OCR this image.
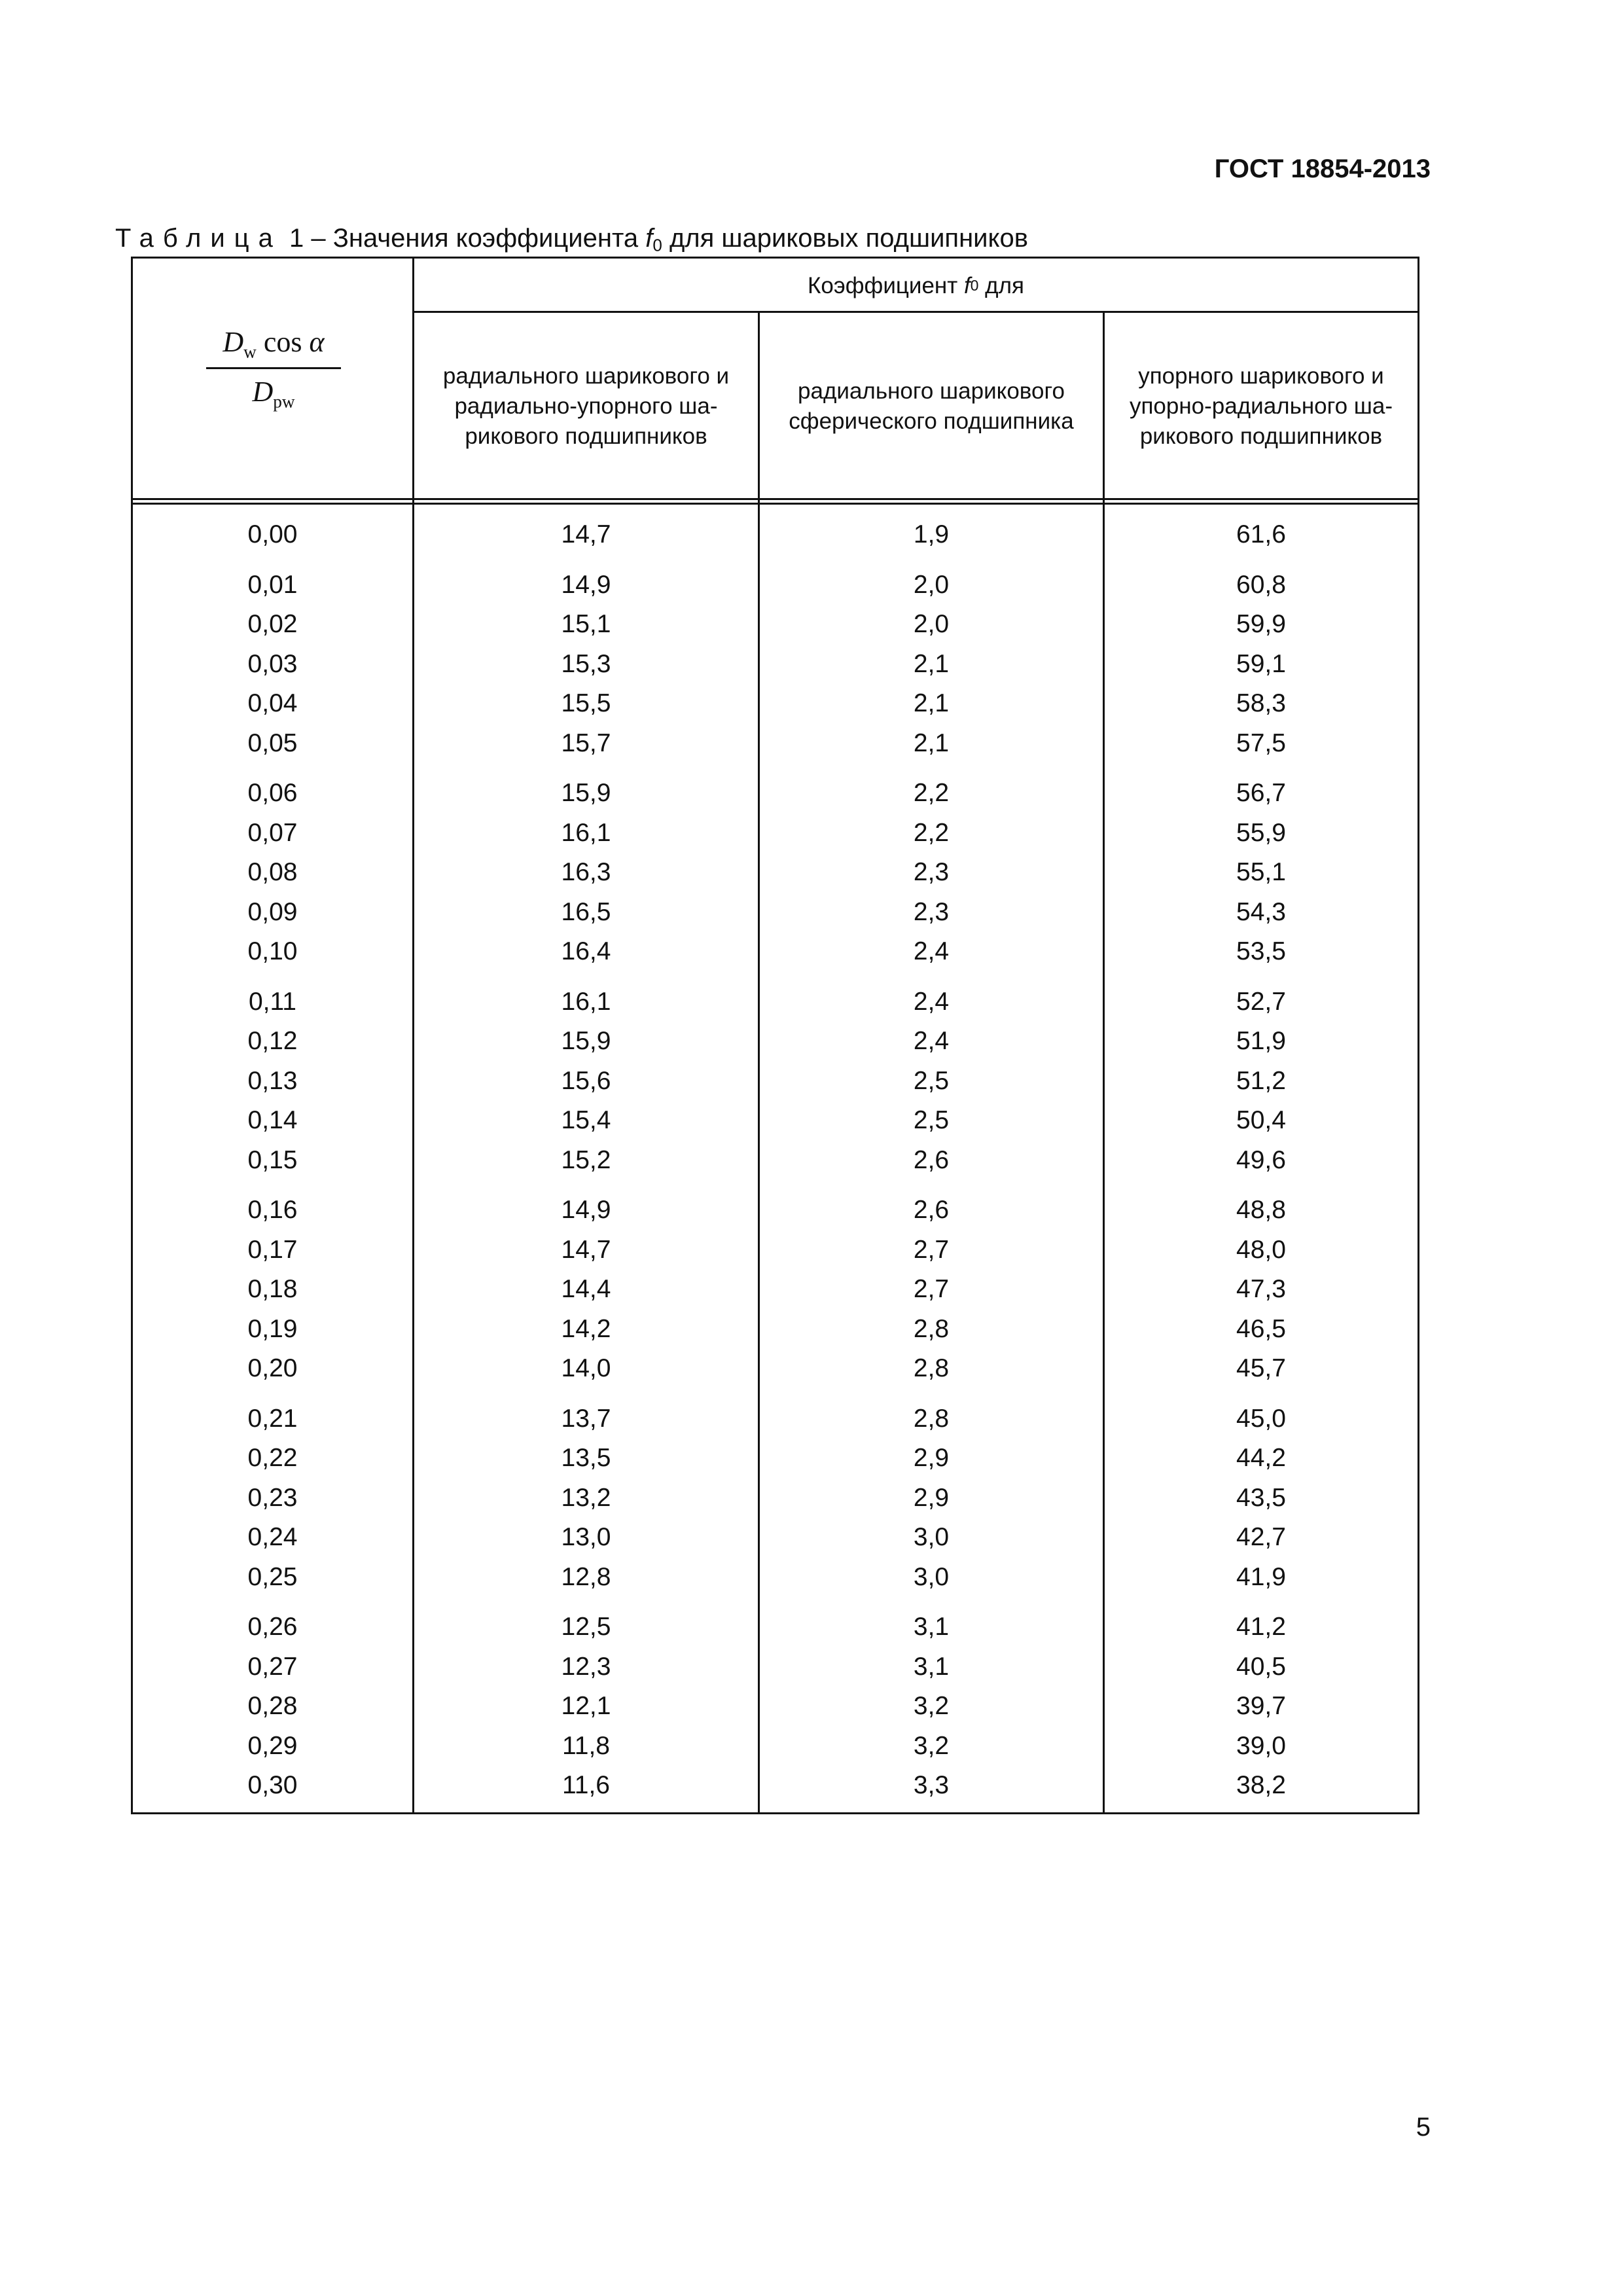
ГОСТ 18854-2013
Таблица 1 – Значения коэффициента $f_0$ для шариковых подшипников
$D_w$ cos α
$D_{pw}$
Коэффициент
f 0
для
радиального шарикового и
радиально-упорного ша-
рикового подшипников
радиального шарикового
сферического подшипника
упорного шарикового и
упорно-радиального ша-
рикового подшипников
0,00	14,7	1,9	61,6
0,01	14,9	2,0	60,8
0,02	15,1	2,0	59,9
0,03	15,3	2,1	59,1
0,04	15,5	2,1	58,3
0,05	15,7	2,1	57,5
0,06	15,9	2,2	56,7
0,07	16,1	2,2	55,9
0,08	16,3	2,3	55,1
0,09	16,5	2,3	54,3
0,10	16,4	2,4	53,5
0,11	16,1	2,4	52,7
0,12	15,9	2,4	51,9
0,13	15,6	2,5	51,2
0,14	15,4	2,5	50,4
0,15	15,2	2,6	49,6
0,16	14,9	2,6	48,8
0,17	14,7	2,7	48,0
0,18	14,4	2,7	47,3
0,19	14,2	2,8	46,5
0,20	14,0	2,8	45,7
0,21	13,7	2,8	45,0
0,22	13,5	2,9	44,2
0,23	13,2	2,9	43,5
0,24	13,0	3,0	42,7
0,25	12,8	3,0	41,9
0,26	12,5	3,1	41,2
0,27	12,3	3,1	40,5
0,28	12,1	3,2	39,7
0,29	11,8	3,2	39,0
0,30	11,6	3,3	38,2
5
